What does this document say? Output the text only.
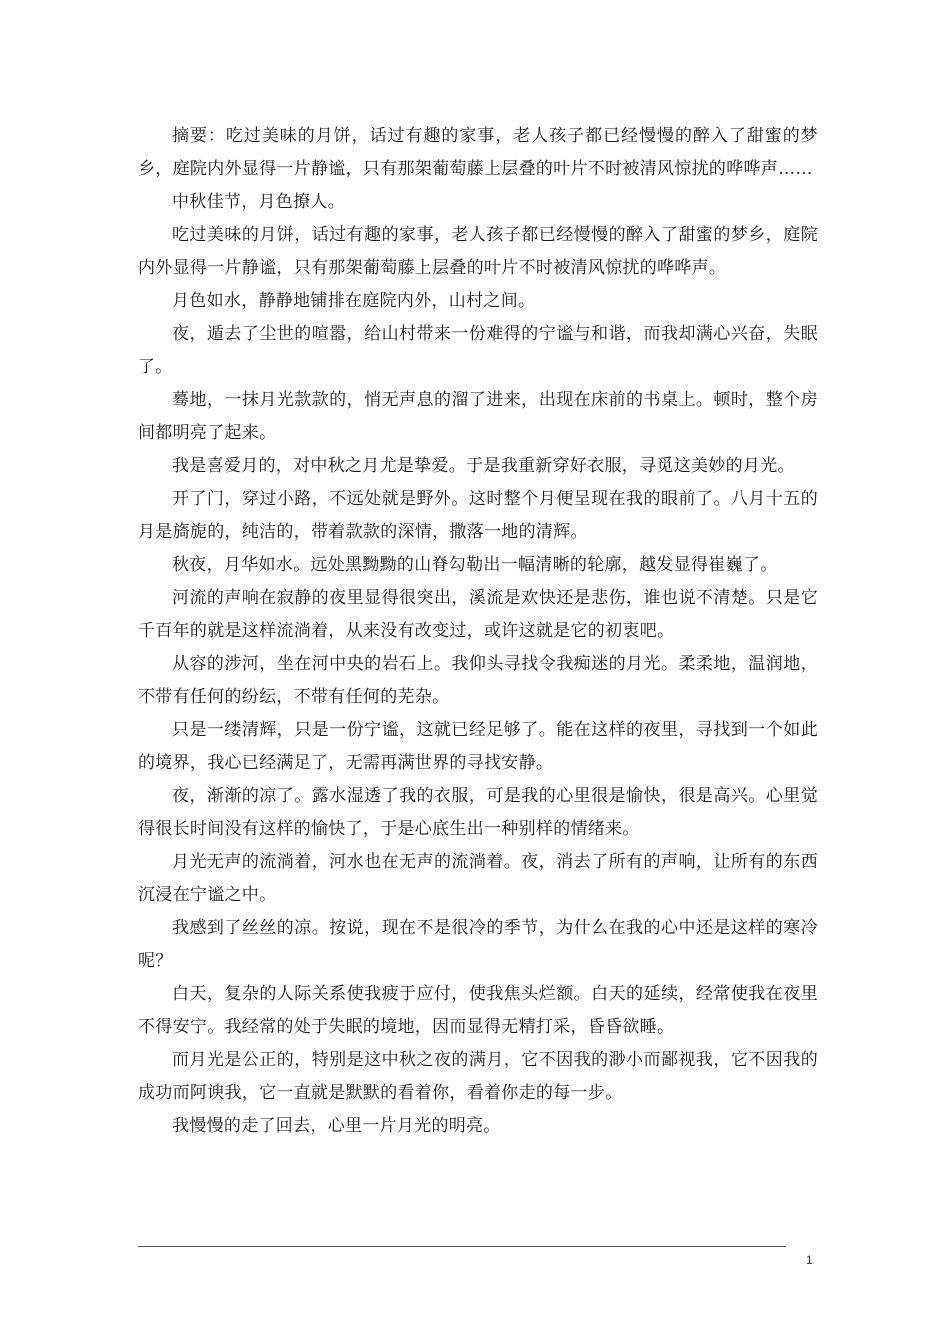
摘要：吃过美味的月饼，话过有趣的家事，老人孩子都已经慢慢的醉入了甜蜜的梦乡，庭院内外显得一片静谧，只有那架葡萄藤上层叠的叶片不时被清风惊扰的哗哗声……

中秋佳节，月色撩人。

吃过美味的月饼，话过有趣的家事，老人孩子都已经慢慢的醉入了甜蜜的梦乡，庭院内外显得一片静谧，只有那架葡萄藤上层叠的叶片不时被清风惊扰的哗哗声。

月色如水，静静地铺排在庭院内外，山村之间。

夜，遁去了尘世的喧嚣，给山村带来一份难得的宁谧与和谐，而我却满心兴奋，失眠了。

蓦地，一抹月光款款的，悄无声息的溜了进来，出现在床前的书桌上。顿时，整个房间都明亮了起来。

我是喜爱月的，对中秋之月尤是挚爱。于是我重新穿好衣服，寻觅这美妙的月光。

开了门，穿过小路，不远处就是野外。这时整个月便呈现在我的眼前了。八月十五的月是旖旎的，纯洁的，带着款款的深情，撒落一地的清辉。

秋夜，月华如水。远处黑黝黝的山脊勾勒出一幅清晰的轮廓，越发显得崔巍了。

河流的声响在寂静的夜里显得很突出，溪流是欢快还是悲伤，谁也说不清楚。只是它千百年的就是这样流淌着，从来没有改变过，或许这就是它的初衷吧。

从容的涉河，坐在河中央的岩石上。我仰头寻找令我痴迷的月光。柔柔地，温润地，不带有任何的纷纭，不带有任何的芜杂。

只是一缕清辉，只是一份宁谧，这就已经足够了。能在这样的夜里，寻找到一个如此的境界，我心已经满足了，无需再满世界的寻找安静。

夜，渐渐的凉了。露水湿透了我的衣服，可是我的心里很是愉快，很是高兴。心里觉得很长时间没有这样的愉快了，于是心底生出一种别样的情绪来。

月光无声的流淌着，河水也在无声的流淌着。夜，消去了所有的声响，让所有的东西沉浸在宁谧之中。

我感到了丝丝的凉。按说，现在不是很冷的季节，为什么在我的心中还是这样的寒冷呢？

白天，复杂的人际关系使我疲于应付，使我焦头烂额。白天的延续，经常使我在夜里不得安宁。我经常的处于失眠的境地，因而显得无精打采，昏昏欲睡。

而月光是公正的，特别是这中秋之夜的满月，它不因我的渺小而鄙视我，它不因我的成功而阿谀我，它一直就是默默的看着你，看着你走的每一步。

我慢慢的走了回去，心里一片月光的明亮。

1
